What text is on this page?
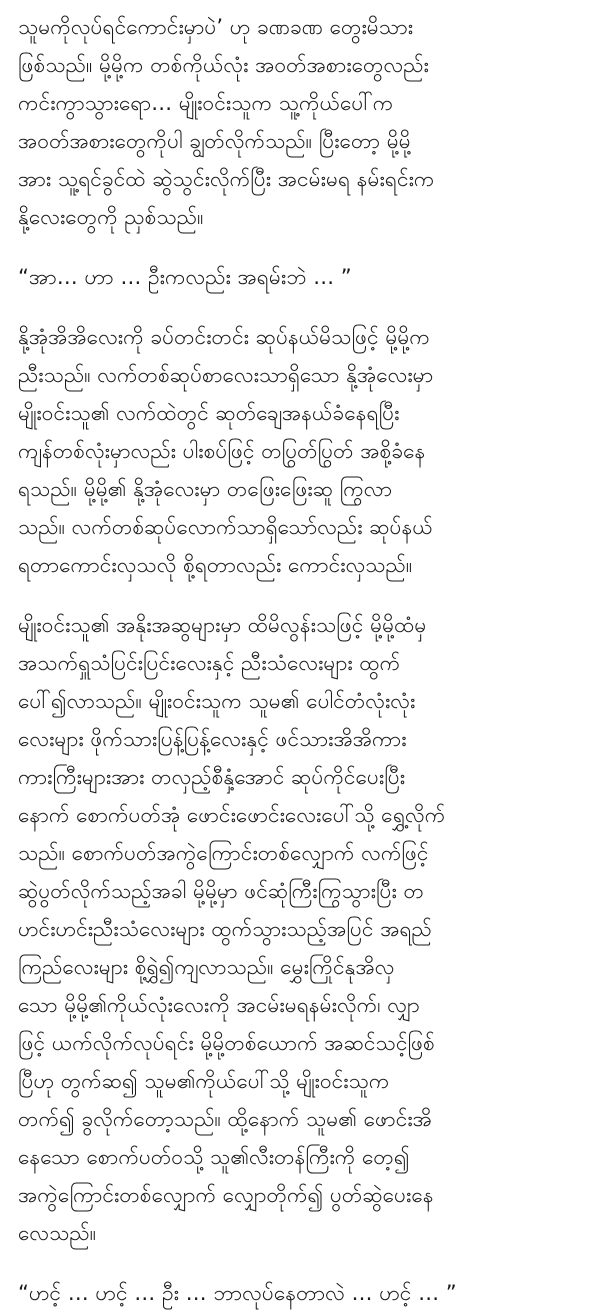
သူမကိုလုပ်ရင်ကောင်းမှာပဲ’ ဟု ခဏခဏ တွေးမိသား
ဖြစ်သည်။ မို့မို့က တစ်ကိုယ်လုံး အဝတ်အစားတွေလည်း
ကင်းကွာသွားရော… မျိုးဝင်းသူက သူ့ကိုယ်ပေါ်က
အဝတ်အစားတွေကိုပါ ချွတ်လိုက်သည်။ ပြီးတော့ မို့မို့
အား သူ့ရင်ခွင်ထဲ ဆွဲသွင်းလိုက်ပြီး အငမ်းမရ နမ်းရင်းက
နို့လေးတွေကို ညှစ်သည်။
“အာ… ဟာ … ဦးကလည်း အရမ်းဘဲ … ”
နို့အုံအိအိလေးကို ခပ်တင်းတင်း ဆုပ်နယ်မိသဖြင့် မို့မို့က
ညီးသည်။ လက်တစ်ဆုပ်စာလေးသာရှိသော နို့အုံလေးမှာ
မျိုးဝင်းသူ၏ လက်ထဲတွင် ဆုတ်ချေအနယ်ခံနေရပြီး
ကျန်တစ်လုံးမှာလည်း ပါးစပ်ဖြင့် တပြွတ်ပြွတ် အစို့ခံနေ
ရသည်။ မို့မို့၏ နို့အုံလေးမှာ တဖြေးဖြေးဆူ ကြွလာ
သည်။ လက်တစ်ဆုပ်လောက်သာရှိသော်လည်း ဆုပ်နယ်
ရတာကောင်းလှသလို စို့ရတာလည်း ကောင်းလှသည်။
မျိုးဝင်းသူ၏ အနိုးအဆွများမှာ ထိမိလွန်းသဖြင့် မို့မို့ထံမှ
အသက်ရှူသံပြင်းပြင်းလေးနှင့် ညီးသံလေးများ ထွက်
ပေါ်၍လာသည်။ မျိုးဝင်းသူက သူမ၏ ပေါင်တံလုံးလုံး
လေးများ ဖိုက်သားပြန့်ပြန့်လေးနှင့် ဖင်သားအိအိကား
ကားကြီးများအား တလှည့်စီနှံ့အောင် ဆုပ်ကိုင်ပေးပြီး
နောက် စောက်ပတ်အုံ ဖောင်းဖောင်းလေးပေါ်သို့ ရွှေ့လိုက်
သည်။ စောက်ပတ်အကွဲကြောင်းတစ်လျှောက် လက်ဖြင့်
ဆွဲပွတ်လိုက်သည့်အခါ မို့မို့မှာ ဖင်ဆုံကြီးကြွသွားပြီး တ
ဟင်းဟင်းညီးသံလေးများ ထွက်သွားသည့်အပြင် အရည်
ကြည်လေးများ စို့ရွှဲ၍ကျလာသည်။ မွှေးကြိုင်နုအိလှ
သော မို့မို့၏ကိုယ်လုံးလေးကို အငမ်းမရနမ်းလိုက်၊ လျှာ
ဖြင့် ယက်လိုက်လုပ်ရင်း မို့မို့တစ်ယောက် အဆင်သင့်ဖြစ်
ပြီဟု တွက်ဆ၍ သူမ၏ကိုယ်ပေါ်သို့ မျိုးဝင်းသူက
တက်၍ ခွလိုက်တော့သည်။ ထို့နောက် သူမ၏ ဖောင်းအိ
နေသော စောက်ပတ်ဝသို့ သူ၏လီးတန်ကြီးကို တေ့၍
အကွဲကြောင်းတစ်လျှောက် လျှောတိုက်၍ ပွတ်ဆွဲပေးနေ
လေသည်။
“ဟင့် … ဟင့် … ဦး … ဘာလုပ်နေတာလဲ … ဟင့် … ”
